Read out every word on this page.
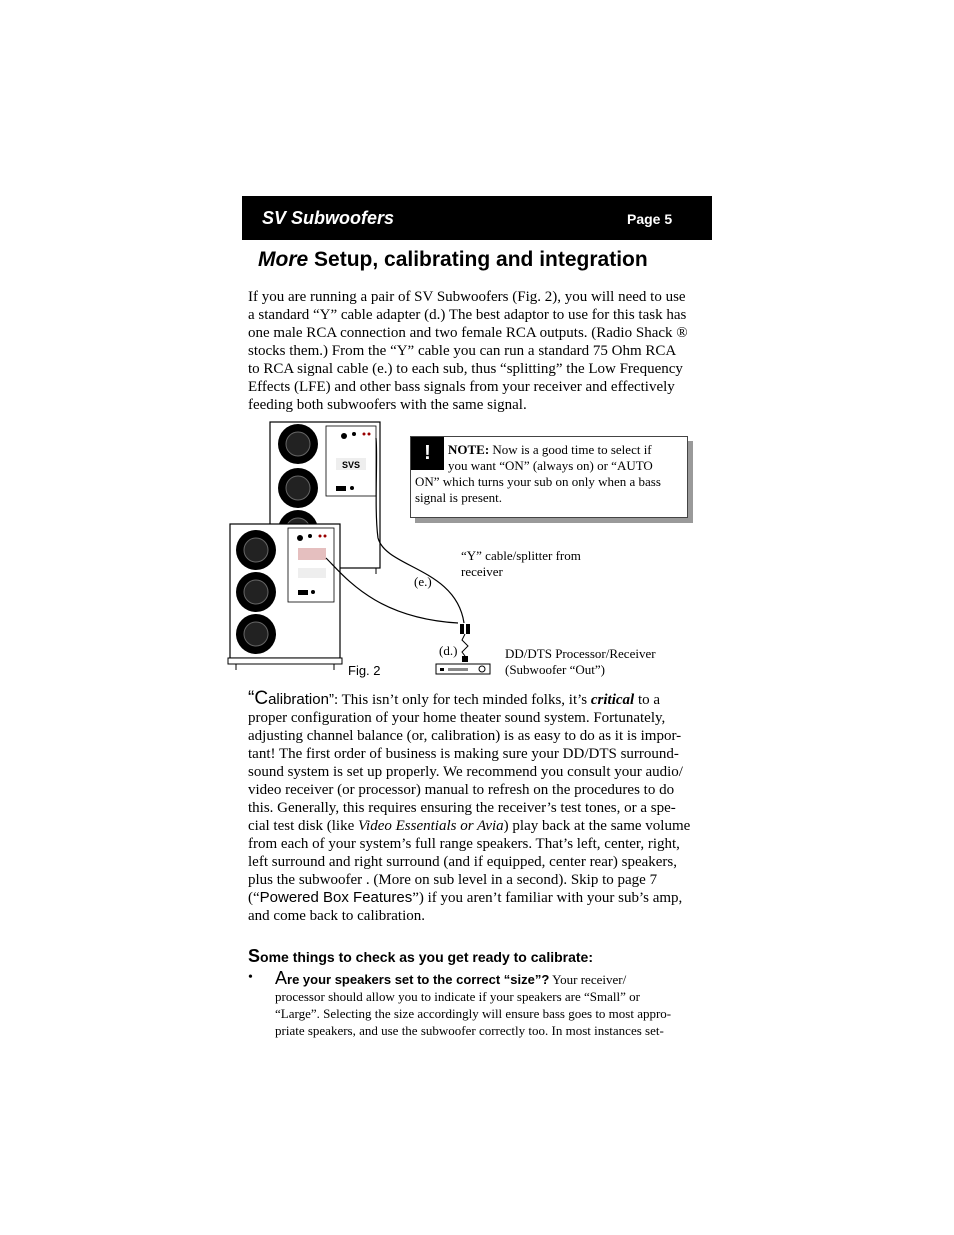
SV Subwoofers	Page 5
More Setup, calibrating and integration
If you are running a pair of SV Subwoofers (Fig. 2), you will need to use
a standard “Y” cable adapter (d.) The best adaptor to use for this task has
one male RCA connection and two female RCA outputs. (Radio Shack ®
stocks them.) From the “Y” cable you can run a standard 75 Ohm RCA
to RCA signal cable (e.) to each sub, thus “splitting” the Low Frequency
Effects (LFE) and other bass signals from your receiver and effectively
feeding both subwoofers with the same signal.
SVS
“Y” cable/splitter from
receiver
(e.)
(d.)	DD/DTS Processor/Receiver
(Subwoofer “Out”)
Fig. 2
!	NOTE: Now is a good time to select if
you want “ON” (always on) or “AUTO
ON” which turns your sub on only when a bass
signal is present.
“Calibration”: This isn’t only for tech minded folks, it’s critical to a
proper configuration of your home theater sound system. Fortunately,
adjusting channel balance (or, calibration) is as easy to do as it is impor-
tant! The first order of business is making sure your DD/DTS surround-
sound system is set up properly. We recommend you consult your audio/
video receiver (or processor) manual to refresh on the procedures to do
this. Generally, this requires ensuring the receiver’s test tones, or a spe-
cial test disk (like Video Essentials or Avia) play back at the same volume
from each of your system’s full range speakers. That’s left, center, right,
left surround and right surround (and if equipped, center rear) speakers,
plus the subwoofer . (More on sub level in a second). Skip to page 7
(“Powered Box Features”) if you aren’t familiar with your sub’s amp,
and come back to calibration.
Some things to check as you get ready to calibrate:
• Are your speakers set to the correct “size”? Your receiver/
processor should allow you to indicate if your speakers are “Small” or
“Large”. Selecting the size accordingly will ensure bass goes to most appro-
priate speakers, and use the subwoofer correctly too. In most instances set-
